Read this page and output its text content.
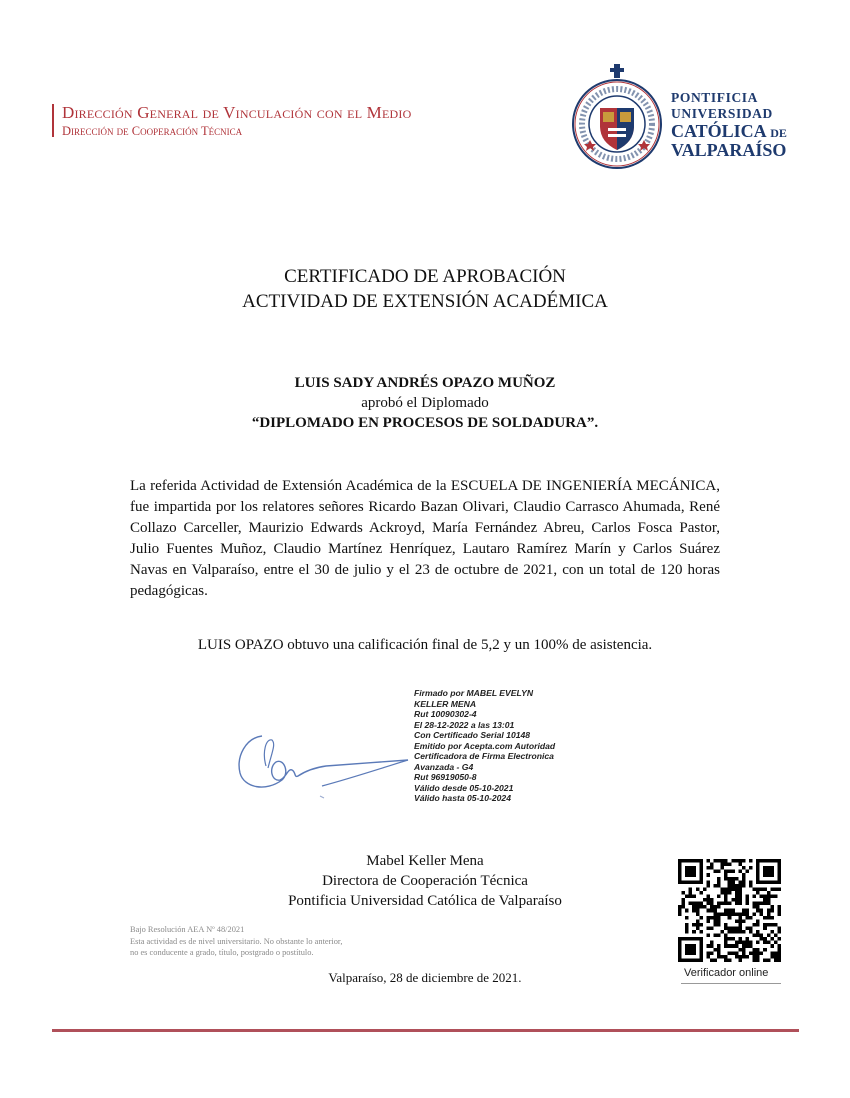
Dirección General de Vinculación con el Medio
Dirección de Cooperación Técnica
PONTIFICIA
UNIVERSIDAD
CATÓLICA DE
VALPARAÍSO
CERTIFICADO DE APROBACIÓN
ACTIVIDAD DE EXTENSIÓN ACADÉMICA
LUIS SADY ANDRÉS OPAZO MUÑOZ
aprobó el Diplomado
“DIPLOMADO EN PROCESOS DE SOLDADURA”.
La referida Actividad de Extensión Académica de la ESCUELA DE INGENIERÍA MECÁNICA, fue impartida por los relatores señores Ricardo Bazan Olivari, Claudio Carrasco Ahumada, René Collazo Carceller, Maurizio Edwards Ackroyd, María Fernández Abreu, Carlos Fosca Pastor, Julio Fuentes Muñoz, Claudio Martínez Henríquez, Lautaro Ramírez Marín y Carlos Suárez Navas en Valparaíso, entre el 30 de julio y el 23 de octubre de 2021, con un total de 120 horas pedagógicas.
LUIS OPAZO obtuvo una calificación final de 5,2 y un 100% de asistencia.
Firmado por MABEL EVELYN
KELLER MENA
Rut 10090302-4
El 28-12-2022 a las 13:01
Con Certificado Serial 10148
Emitido por Acepta.com Autoridad
Certificadora de Firma Electronica
Avanzada - G4
Rut 96919050-8
Válido desde 05-10-2021
Válido hasta 05-10-2024
Mabel Keller Mena
Directora de Cooperación Técnica
Pontificia Universidad Católica de Valparaíso
Bajo Resolución AEA Nº 48/2021
Esta actividad es de nivel universitario. No obstante lo anterior,
no es conducente a grado, título, postgrado o postítulo.
Valparaíso, 28 de diciembre de 2021.	Verificador online
